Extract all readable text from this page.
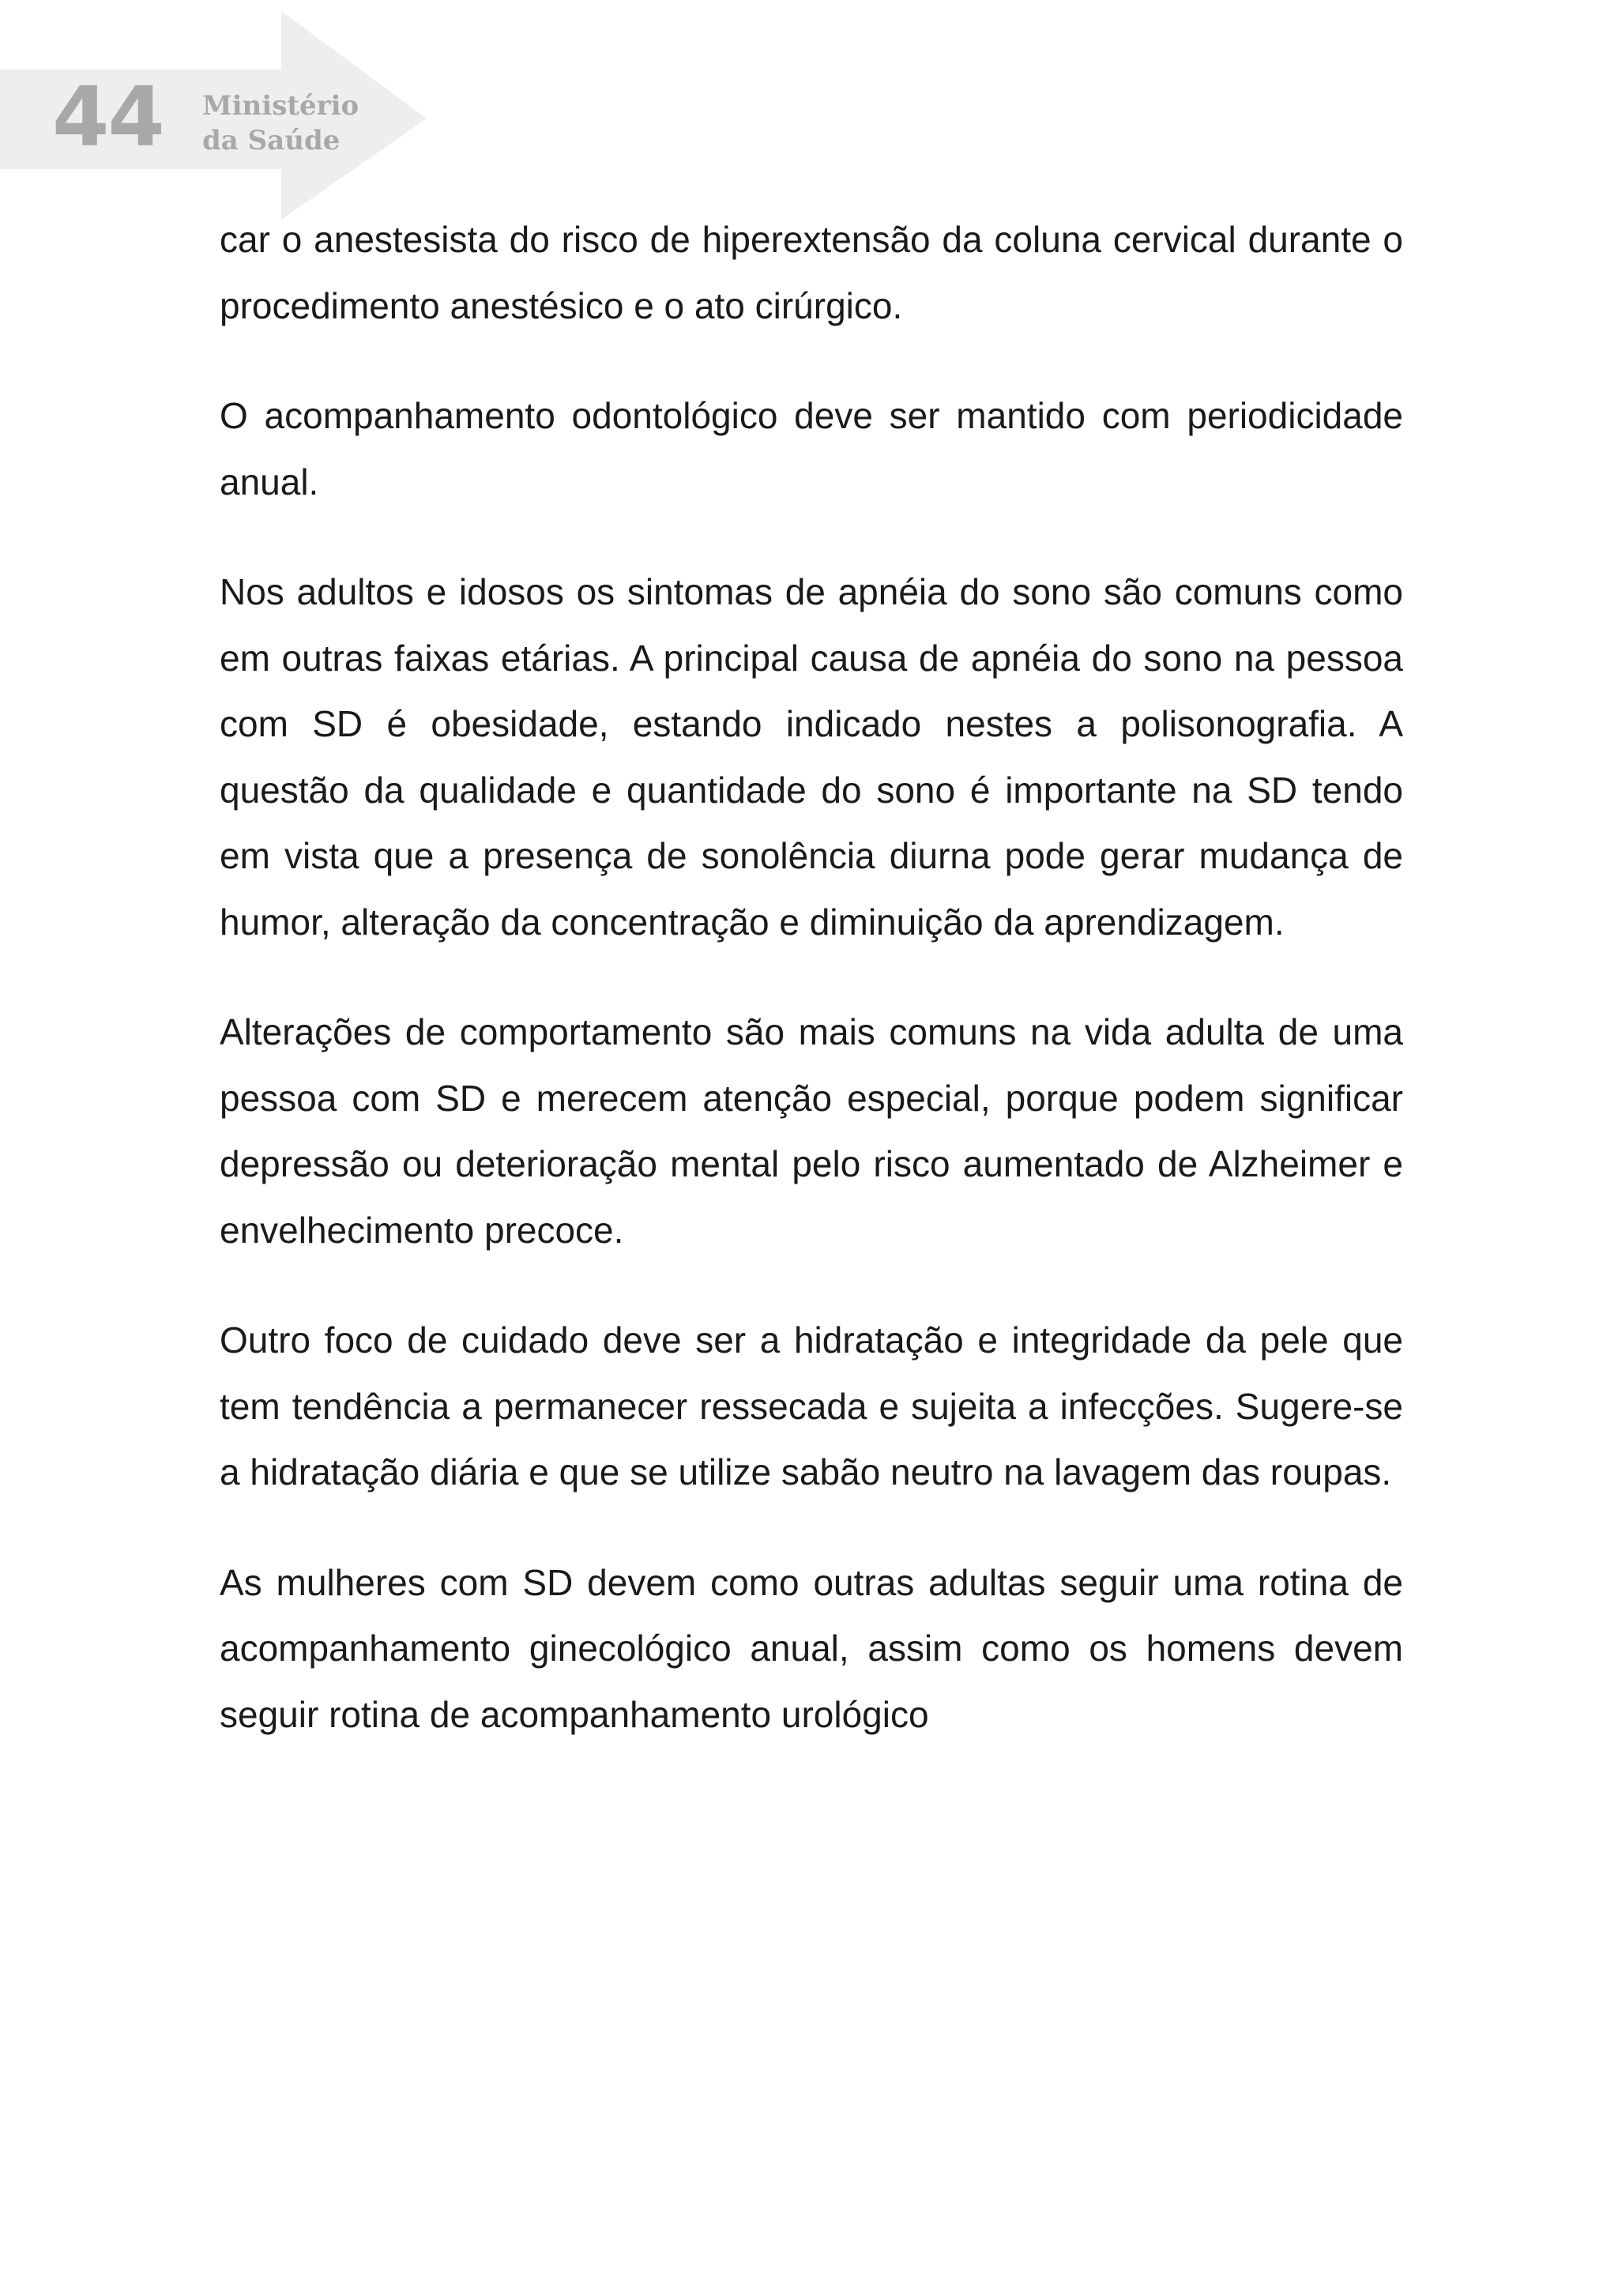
44 Ministério
da Saúde

car o anestesista do risco de hiperextensão da coluna cervical durante o procedimento anestésico e o ato cirúrgico.

O acompanhamento odontológico deve ser mantido com periodicidade anual.

Nos adultos e idosos os sintomas de apnéia do sono são comuns como em outras faixas etárias. A principal causa de apnéia do sono na pessoa com SD é obesidade, estando indicado nestes a polisonografia. A questão da qualidade e quantidade do sono é importante na SD tendo em vista que a presença de sonolência diurna pode gerar mudança de humor, alteração da concentração e diminuição da aprendizagem.

Alterações de comportamento são mais comuns na vida adulta de uma pessoa com SD e merecem atenção especial, porque podem significar depressão ou deterioração mental pelo risco aumentado de Alzheimer e envelhecimento precoce.

Outro foco de cuidado deve ser a hidratação e integridade da pele que tem tendência a permanecer ressecada e sujeita a infecções. Sugere-se a hidratação diária e que se utilize sabão neutro na lavagem das roupas.

As mulheres com SD devem como outras adultas seguir uma rotina de acompanhamento ginecológico anual, assim como os homens devem seguir rotina de acompanhamento urológico
